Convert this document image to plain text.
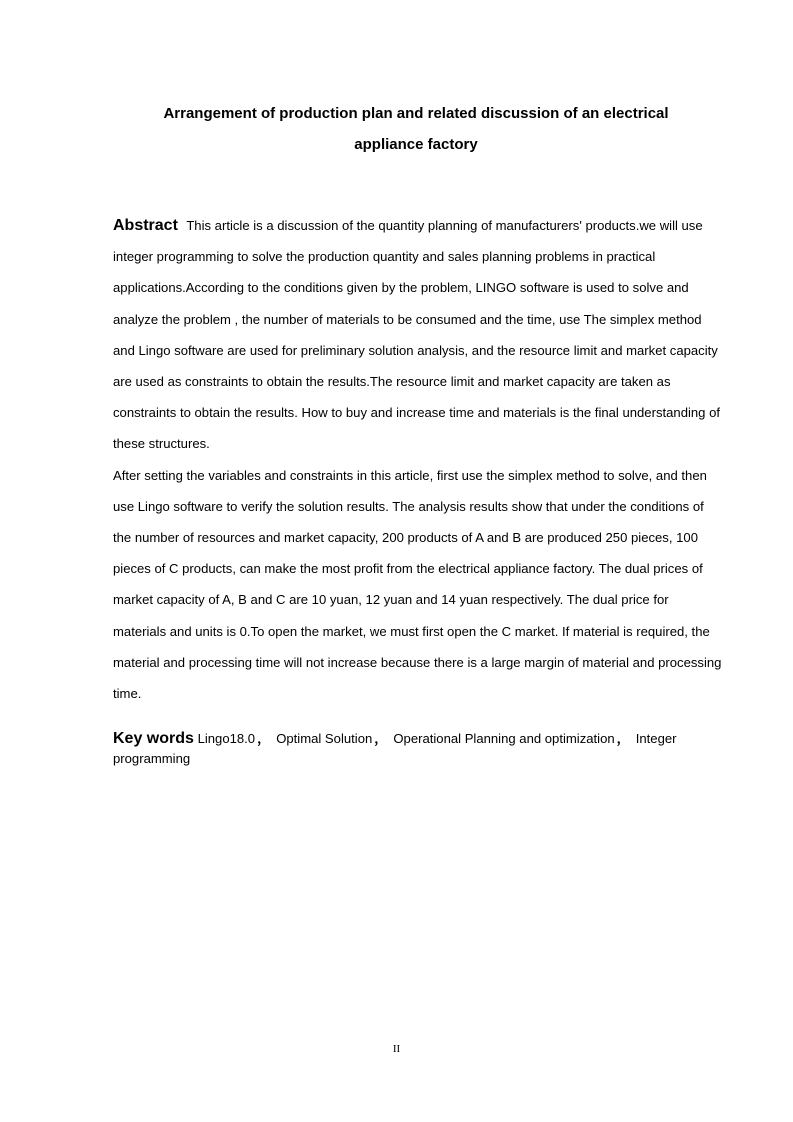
Arrangement of production plan and related discussion of an electrical
appliance factory

Abstract This article is a discussion of the quantity planning of manufacturers' products.we will use integer programming to solve the production quantity and sales planning problems in practical applications.According to the conditions given by the problem, LINGO software is used to solve and analyze the problem , the number of materials to be consumed and the time, use The simplex method and Lingo software are used for preliminary solution analysis, and the resource limit and market capacity are used as constraints to obtain the results.The resource limit and market capacity are taken as constraints to obtain the results. How to buy and increase time and materials is the final understanding of these structures.

After setting the variables and constraints in this article, first use the simplex method to solve, and then use Lingo software to verify the solution results. The analysis results show that under the conditions of the number of resources and market capacity, 200 products of A and B are produced 250 pieces, 100 pieces of C products, can make the most profit from the electrical appliance factory. The dual prices of market capacity of A, B and C are 10 yuan, 12 yuan and 14 yuan respectively. The dual price for materials and units is 0.To open the market, we must first open the C market. If material is required, the material and processing time will not increase because there is a large margin of material and processing time.

Key words Lingo18.0 ， Optimal Solution ， Operational Planning and optimization ， Integer programming
II
